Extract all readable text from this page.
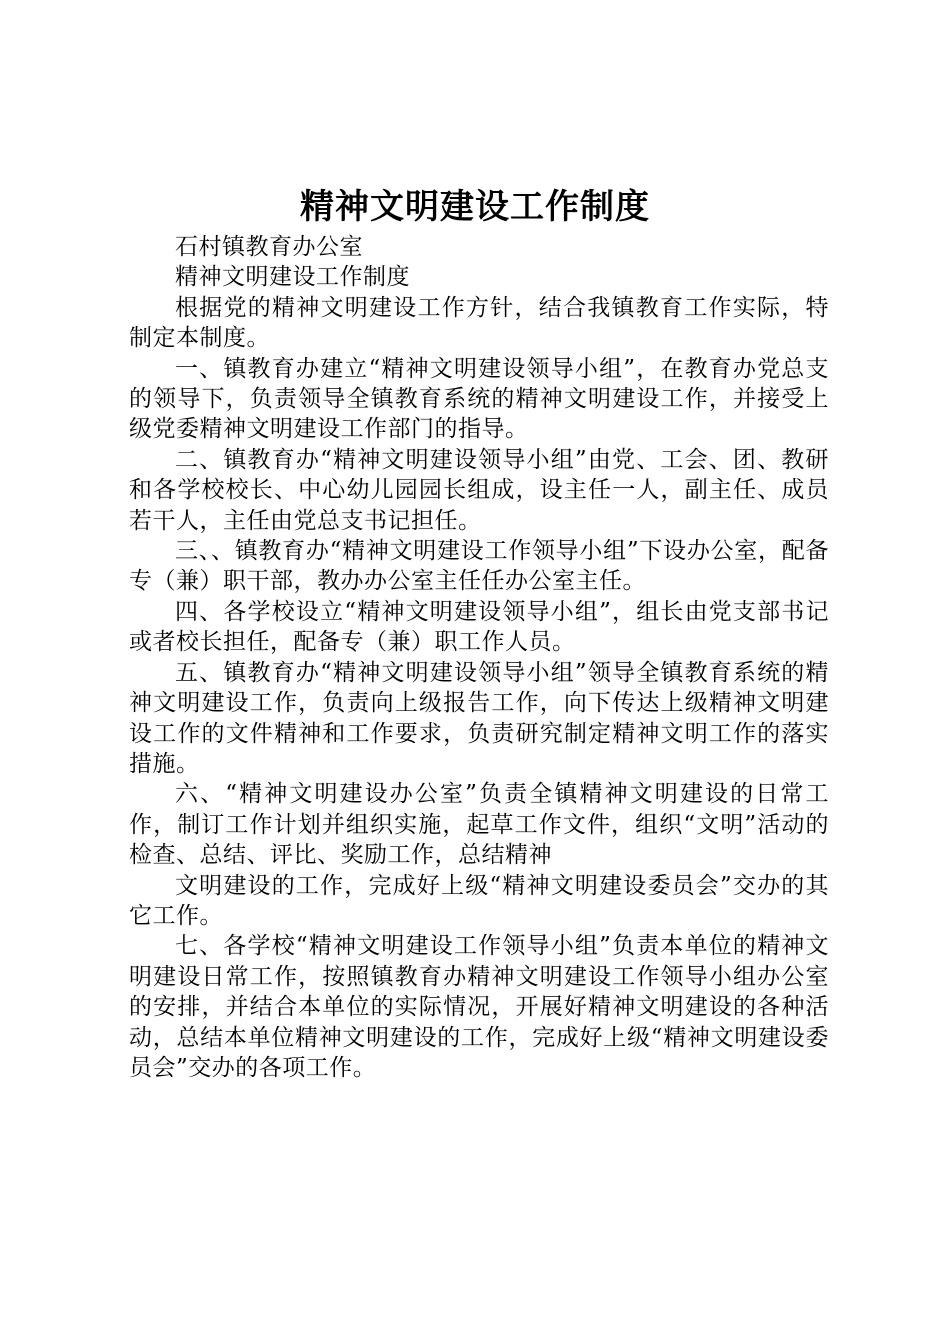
精神文明建设工作制度

石村镇教育办公室

精神文明建设工作制度

根据党的精神文明建设工作方针，结合我镇教育工作实际，特制定本制度。

一、镇教育办建立“精神文明建设领导小组”，在教育办党总支的领导下，负责领导全镇教育系统的精神文明建设工作，并接受上级党委精神文明建设工作部门的指导。

二、镇教育办“精神文明建设领导小组”由党、工会、团、教研和各学校校长、中心幼儿园园长组成，设主任一人，副主任、成员若干人，主任由党总支书记担任。

三、、镇教育办“精神文明建设工作领导小组”下设办公室，配备专（兼）职干部，教办办公室主任任办公室主任。

四、各学校设立“精神文明建设领导小组”，组长由党支部书记或者校长担任，配备专（兼）职工作人员。

五、镇教育办“精神文明建设领导小组”领导全镇教育系统的精神文明建设工作，负责向上级报告工作，向下传达上级精神文明建设工作的文件精神和工作要求，负责研究制定精神文明工作的落实措施。

六、“精神文明建设办公室”负责全镇精神文明建设的日常工作，制订工作计划并组织实施，起草工作文件，组织“文明”活动的检查、总结、评比、奖励工作，总结精神

文明建设的工作，完成好上级“精神文明建设委员会”交办的其它工作。

七、各学校“精神文明建设工作领导小组”负责本单位的精神文明建设日常工作，按照镇教育办精神文明建设工作领导小组办公室的安排，并结合本单位的实际情况，开展好精神文明建设的各种活动，总结本单位精神文明建设的工作，完成好上级“精神文明建设委员会”交办的各项工作。
